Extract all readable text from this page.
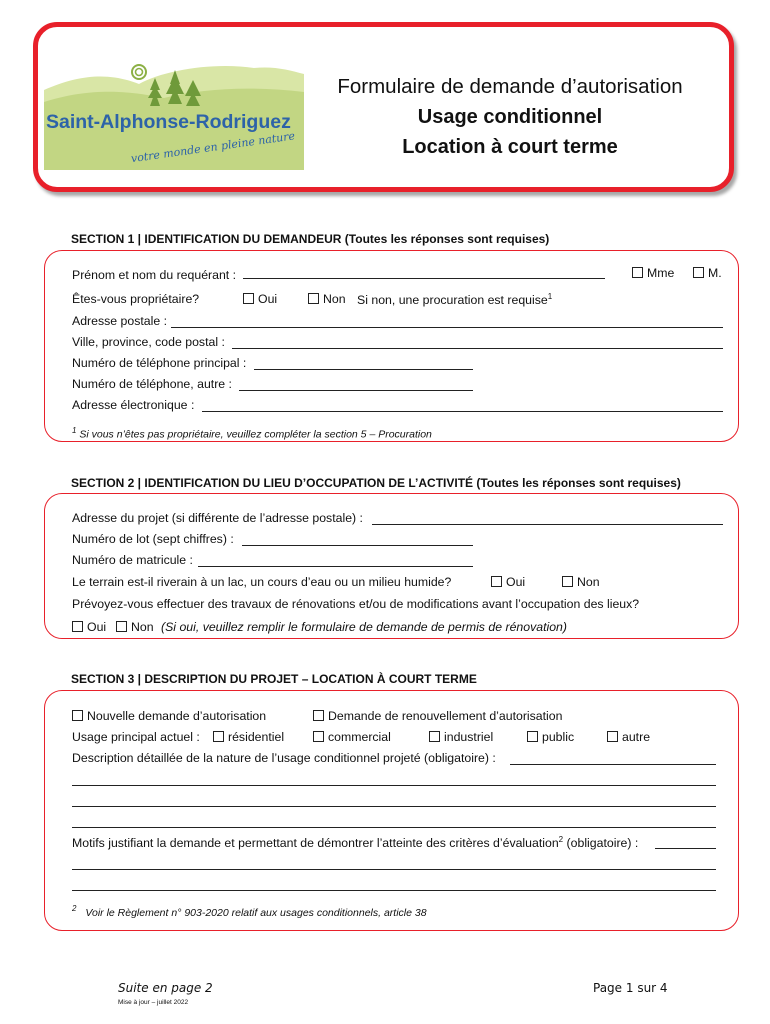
Saint-Alphonse-Rodriguez
votre monde en pleine nature
Formulaire de demande d’autorisation
Usage conditionnel
Location à court terme
SECTION 1 | IDENTIFICATION DU DEMANDEUR (Toutes les réponses sont requises)
Prénom et nom du requérant :	Mme	M.
Êtes-vous propriétaire?	Oui	Non Si non, une procuration est requise$^1$
Adresse postale :
Ville, province, code postal :
Numéro de téléphone principal :
Numéro de téléphone, autre :
Adresse électronique :
$^1$ Si vous n’êtes pas propriétaire, veuillez compléter la section 5 – Procuration
SECTION 2 | IDENTIFICATION DU LIEU D’OCCUPATION DE L’ACTIVITÉ (Toutes les réponses sont requises)
Adresse du projet (si différente de l’adresse postale) :
Numéro de lot (sept chiffres) :
Numéro de matricule :
Le terrain est-il riverain à un lac, un cours d’eau ou un milieu humide?	Oui	Non
Prévoyez-vous effectuer des travaux de rénovations et/ou de modifications avant l’occupation des lieux?
Oui	Non (Si oui, veuillez remplir le formulaire de demande de permis de rénovation)
SECTION 3 | DESCRIPTION DU PROJET – LOCATION À COURT TERME
Nouvelle demande d’autorisation	Demande de renouvellement d’autorisation
Usage principal actuel :	résidentiel	commercial	industriel	public	autre
Description détaillée de la nature de l’usage conditionnel projeté (obligatoire) :
Motifs justifiant la demande et permettant de démontrer l’atteinte des critères d’évaluation$^2$ (obligatoire) :
$^2$ Voir le Règlement n° 903-2020 relatif aux usages conditionnels, article 38
Suite en page 2	Page 1 sur 4
Mise à jour – juillet 2022
